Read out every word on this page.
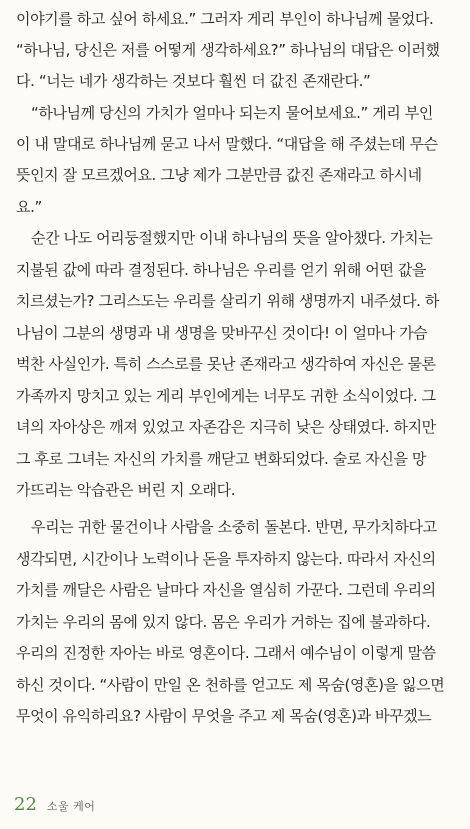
이야기를 하고 싶어 하세요.” 그러자 게리 부인이 하나님께 물었다.
“하나님, 당신은 저를 어떻게 생각하세요?” 하나님의 대답은 이러했
다. “너는 네가 생각하는 것보다 훨씬 더 값진 존재란다.”
“하나님께 당신의 가치가 얼마나 되는지 물어보세요.” 게리 부인
이 내 말대로 하나님께 묻고 나서 말했다. “대답을 해 주셨는데 무슨
뜻인지 잘 모르겠어요. 그냥 제가 그분만큼 값진 존재라고 하시네
요.”
순간 나도 어리둥절했지만 이내 하나님의 뜻을 알아챘다. 가치는
지불된 값에 따라 결정된다. 하나님은 우리를 얻기 위해 어떤 값을
치르셨는가? 그리스도는 우리를 살리기 위해 생명까지 내주셨다. 하
나님이 그분의 생명과 내 생명을 맞바꾸신 것이다! 이 얼마나 가슴
벅찬 사실인가. 특히 스스로를 못난 존재라고 생각하여 자신은 물론
가족까지 망치고 있는 게리 부인에게는 너무도 귀한 소식이었다. 그
녀의 자아상은 깨져 있었고 자존감은 지극히 낮은 상태였다. 하지만
그 후로 그녀는 자신의 가치를 깨닫고 변화되었다. 술로 자신을 망
가뜨리는 악습관은 버린 지 오래다.
우리는 귀한 물건이나 사람을 소중히 돌본다. 반면, 무가치하다고
생각되면, 시간이나 노력이나 돈을 투자하지 않는다. 따라서 자신의
가치를 깨달은 사람은 날마다 자신을 열심히 가꾼다. 그런데 우리의
가치는 우리의 몸에 있지 않다. 몸은 우리가 거하는 집에 불과하다.
우리의 진정한 자아는 바로 영혼이다. 그래서 예수님이 이렇게 말씀
하신 것이다. “사람이 만일 온 천하를 얻고도 제 목숨(영혼)을 잃으면
무엇이 유익하리요? 사람이 무엇을 주고 제 목숨(영혼)과 바꾸겠느
22 소울 케어
